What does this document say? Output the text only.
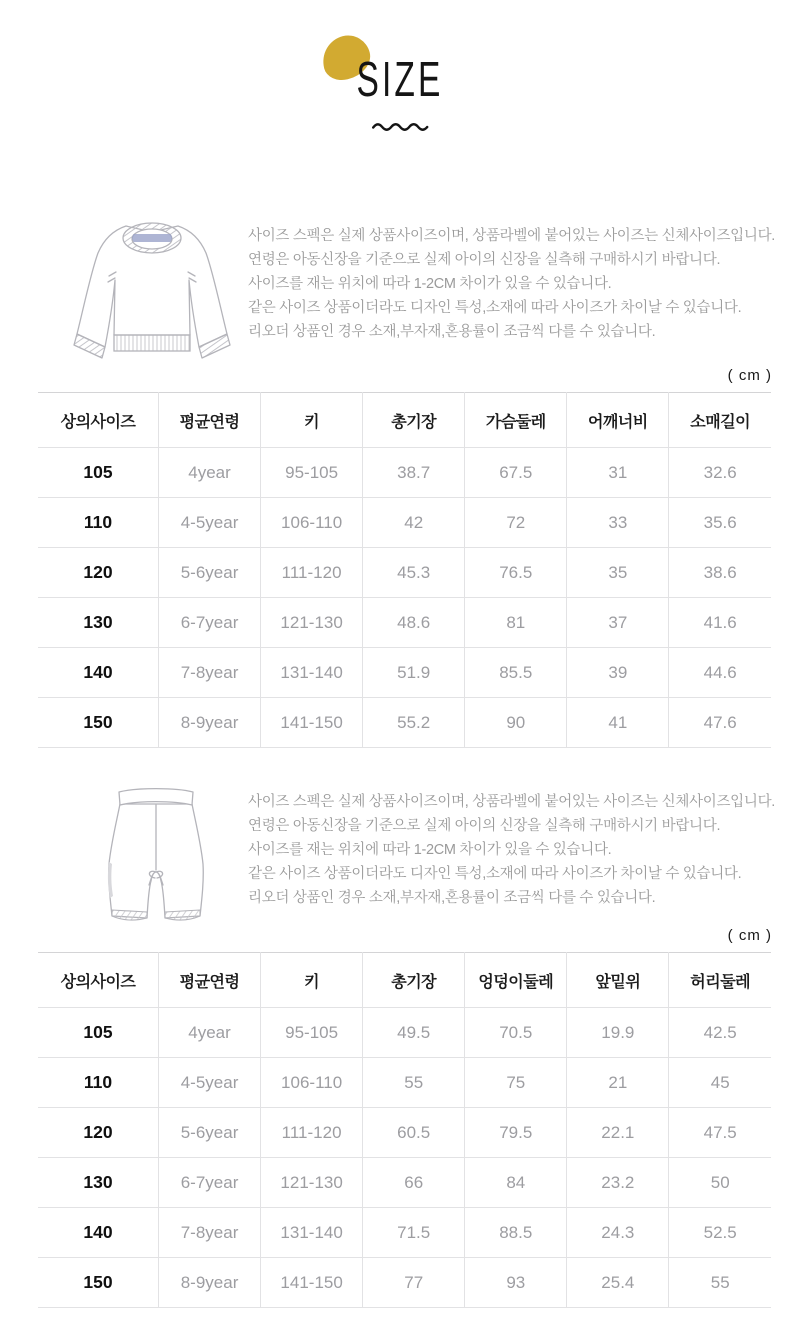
SIZE
사이즈 스펙은 실제 상품사이즈이며, 상품라벨에 붙어있는 사이즈는 신체사이즈입니다.
연령은 아동신장을 기준으로 실제 아이의 신장을 실측해 구매하시기 바랍니다.
사이즈를 재는 위치에 따라 1-2CM 차이가 있을 수 있습니다.
같은 사이즈 상품이더라도 디자인 특성,소재에 따라 사이즈가 차이날 수 있습니다.
리오더 상품인 경우 소재,부자재,혼용률이 조금씩 다를 수 있습니다.
( cm )
상의사이즈	평균연령	키	총기장	가슴둘레	어깨너비	소매길이
105	4year	95-105	38.7	67.5	31	32.6
110	4-5year	106-110	42	72	33	35.6
120	5-6year	111-120	45.3	76.5	35	38.6
130	6-7year	121-130	48.6	81	37	41.6
140	7-8year	131-140	51.9	85.5	39	44.6
150	8-9year	141-150	55.2	90	41	47.6
사이즈 스펙은 실제 상품사이즈이며, 상품라벨에 붙어있는 사이즈는 신체사이즈입니다.
연령은 아동신장을 기준으로 실제 아이의 신장을 실측해 구매하시기 바랍니다.
사이즈를 재는 위치에 따라 1-2CM 차이가 있을 수 있습니다.
같은 사이즈 상품이더라도 디자인 특성,소재에 따라 사이즈가 차이날 수 있습니다.
리오더 상품인 경우 소재,부자재,혼용률이 조금씩 다를 수 있습니다.
( cm )
상의사이즈	평균연령	키	총기장	엉덩이둘레	앞밑위	허리둘레
105	4year	95-105	49.5	70.5	19.9	42.5
110	4-5year	106-110	55	75	21	45
120	5-6year	111-120	60.5	79.5	22.1	47.5
130	6-7year	121-130	66	84	23.2	50
140	7-8year	131-140	71.5	88.5	24.3	52.5
150	8-9year	141-150	77	93	25.4	55
